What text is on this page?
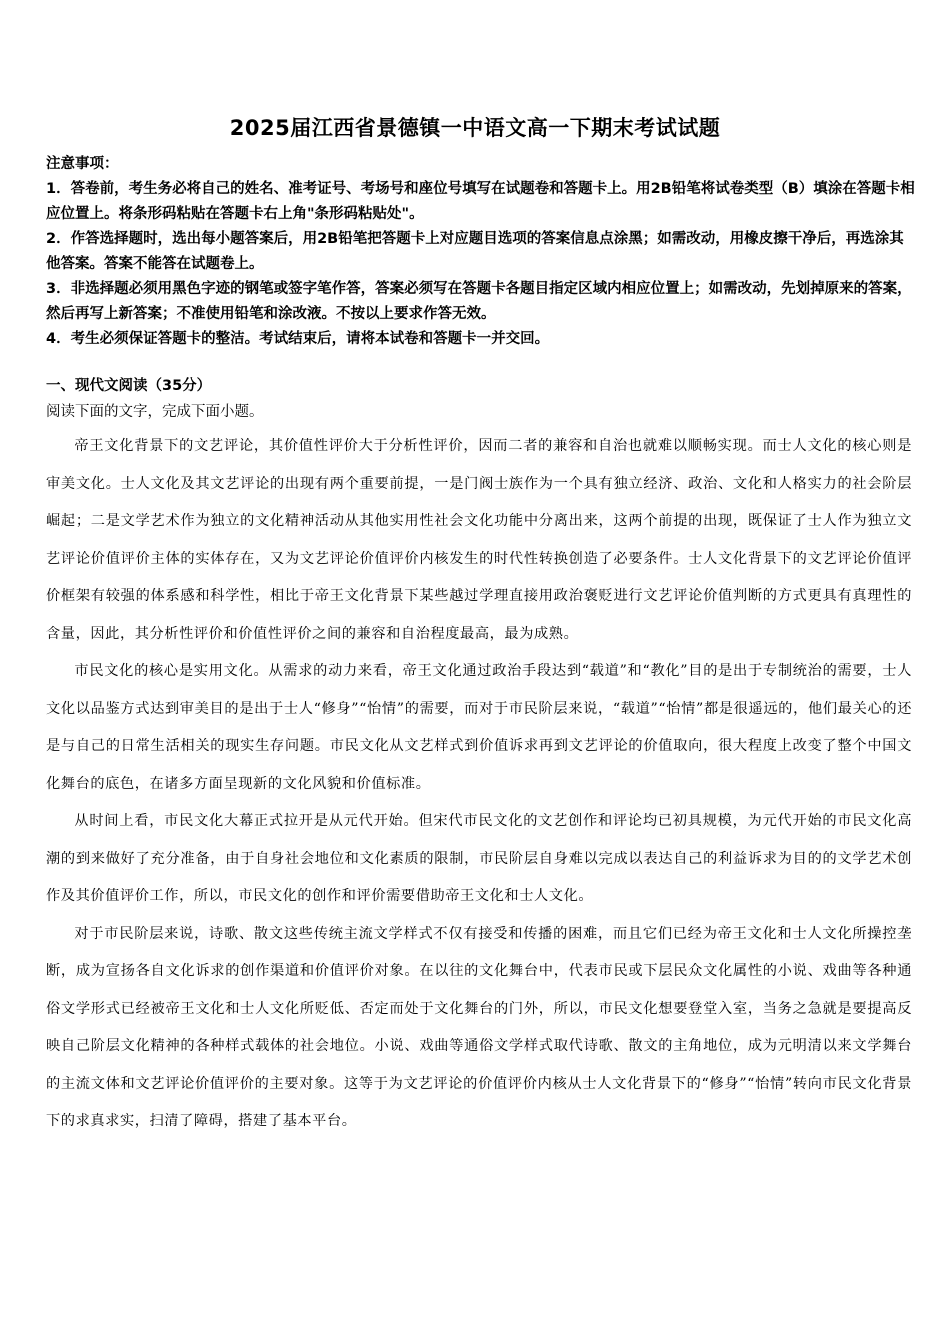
2025届江西省景德镇一中语文高一下期末考试试题

注意事项：

1．答卷前，考生务必将自己的姓名、准考证号、考场号和座位号填写在试题卷和答题卡上。用2B铅笔将试卷类型（B）填涂在答题卡相应位置上。将条形码粘贴在答题卡右上角"条形码粘贴处"。

2．作答选择题时，选出每小题答案后，用2B铅笔把答题卡上对应题目选项的答案信息点涂黑；如需改动，用橡皮擦干净后，再选涂其他答案。答案不能答在试题卷上。

3．非选择题必须用黑色字迹的钢笔或签字笔作答，答案必须写在答题卡各题目指定区域内相应位置上；如需改动，先划掉原来的答案，然后再写上新答案；不准使用铅笔和涂改液。不按以上要求作答无效。

4．考生必须保证答题卡的整洁。考试结束后，请将本试卷和答题卡一并交回。

一、现代文阅读（35分）
阅读下面的文字，完成下面小题。

帝王文化背景下的文艺评论，其价值性评价大于分析性评价，因而二者的兼容和自治也就难以顺畅实现。而士人文化的核心则是审美文化。士人文化及其文艺评论的出现有两个重要前提，一是门阀士族作为一个具有独立经济、政治、文化和人格实力的社会阶层崛起；二是文学艺术作为独立的文化精神活动从其他实用性社会文化功能中分离出来，这两个前提的出现，既保证了士人作为独立文艺评论价值评价主体的实体存在，又为文艺评论价值评价内核发生的时代性转换创造了必要条件。士人文化背景下的文艺评论价值评价框架有较强的体系感和科学性，相比于帝王文化背景下某些越过学理直接用政治褒贬进行文艺评论价值判断的方式更具有真理性的含量，因此，其分析性评价和价值性评价之间的兼容和自治程度最高，最为成熟。

市民文化的核心是实用文化。从需求的动力来看，帝王文化通过政治手段达到“载道”和“教化”目的是出于专制统治的需要，士人文化以品鉴方式达到审美目的是出于士人“修身”“怡情”的需要，而对于市民阶层来说，“载道”“怡情”都是很遥远的，他们最关心的还是与自己的日常生活相关的现实生存问题。市民文化从文艺样式到价值诉求再到文艺评论的价值取向，很大程度上改变了整个中国文化舞台的底色，在诸多方面呈现新的文化风貌和价值标准。

从时间上看，市民文化大幕正式拉开是从元代开始。但宋代市民文化的文艺创作和评论均已初具规模，为元代开始的市民文化高潮的到来做好了充分准备，由于自身社会地位和文化素质的限制，市民阶层自身难以完成以表达自己的利益诉求为目的的文学艺术创作及其价值评价工作，所以，市民文化的创作和评价需要借助帝王文化和士人文化。

对于市民阶层来说，诗歌、散文这些传统主流文学样式不仅有接受和传播的困难，而且它们已经为帝王文化和士人文化所操控垄断，成为宣扬各自文化诉求的创作渠道和价值评价对象。在以往的文化舞台中，代表市民或下层民众文化属性的小说、戏曲等各种通俗文学形式已经被帝王文化和士人文化所贬低、否定而处于文化舞台的门外，所以，市民文化想要登堂入室，当务之急就是要提高反映自己阶层文化精神的各种样式载体的社会地位。小说、戏曲等通俗文学样式取代诗歌、散文的主角地位，成为元明清以来文学舞台的主流文体和文艺评论价值评价的主要对象。这等于为文艺评论的价值评价内核从士人文化背景下的“修身”“怡情”转向市民文化背景下的求真求实，扫清了障碍，搭建了基本平台。
